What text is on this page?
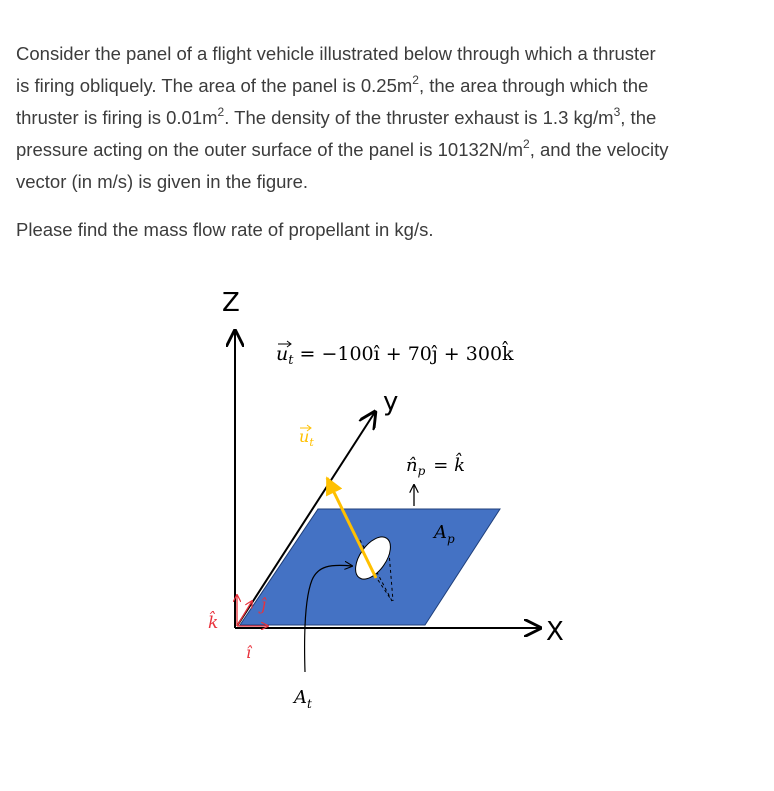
Consider the panel of a flight vehicle illustrated below through which a thruster
is firing obliquely. The area of the panel is $0.25m^2$, the area through which the
thruster is firing is $0.01m^2$. The density of the thruster exhaust is 1.3 $kg/m^3$, the
pressure acting on the outer surface of the panel is $10132N/m^2$, and the velocity
vector (in m/s) is given in the figure.
Please find the mass flow rate of propellant in kg/s.
Z
X
y
î
ĵ
k̂
$u_t$ = −100î + 70ĵ + 300k̂
$u_t$
$n̂_p$ = k̂
$A_p$
$A_t$
